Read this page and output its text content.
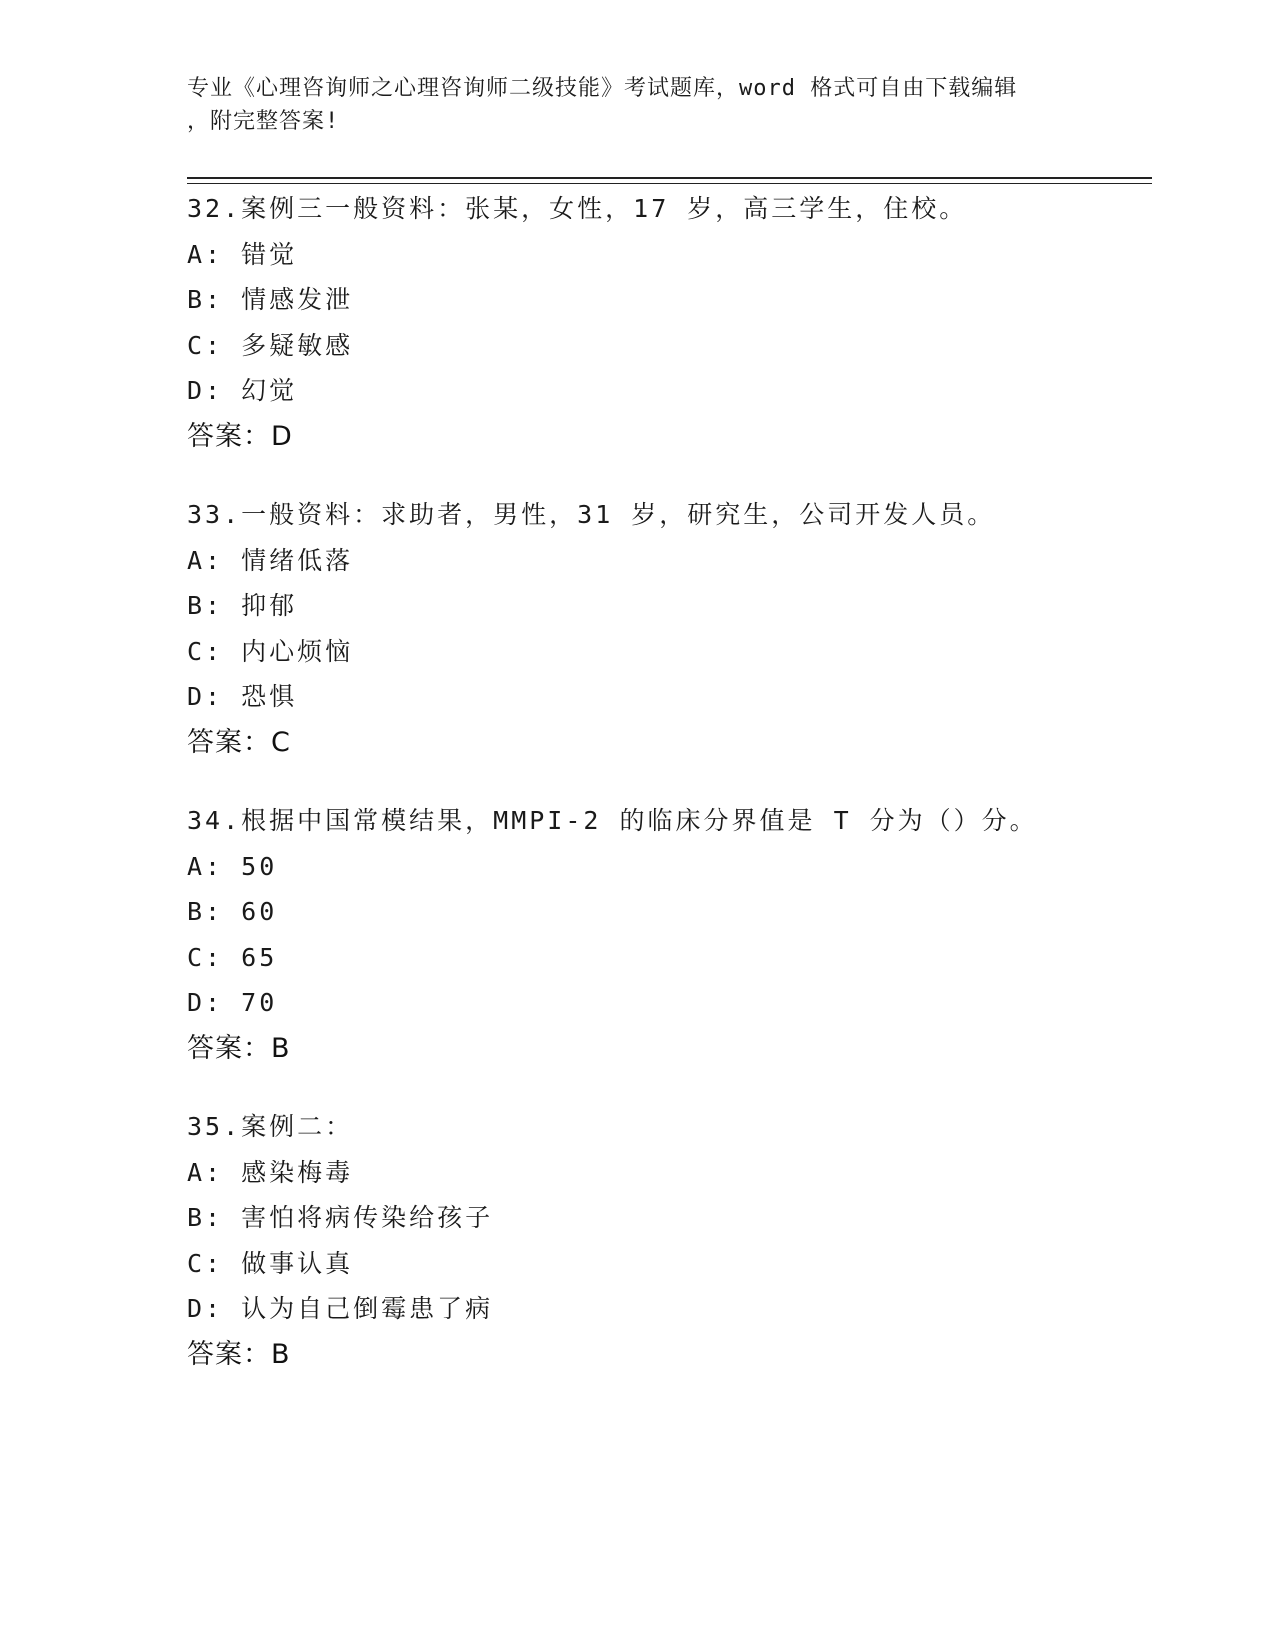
专业《心理咨询师之心理咨询师二级技能》考试题库，word 格式可自由下载编辑
，附完整答案!
32.案例三一般资料：张某，女性，17 岁，高三学生，住校。
A: 错觉
B: 情感发泄
C: 多疑敏感
D: 幻觉
答案：D
33.一般资料：求助者，男性，31 岁，研究生，公司开发人员。
A: 情绪低落
B: 抑郁
C: 内心烦恼
D: 恐惧
答案：C
34.根据中国常模结果，MMPI-2 的临床分界值是 T 分为（）分。
A: 50
B: 60
C: 65
D: 70
答案：B
35.案例二：
A: 感染梅毒
B: 害怕将病传染给孩子
C: 做事认真
D: 认为自己倒霉患了病
答案：B
